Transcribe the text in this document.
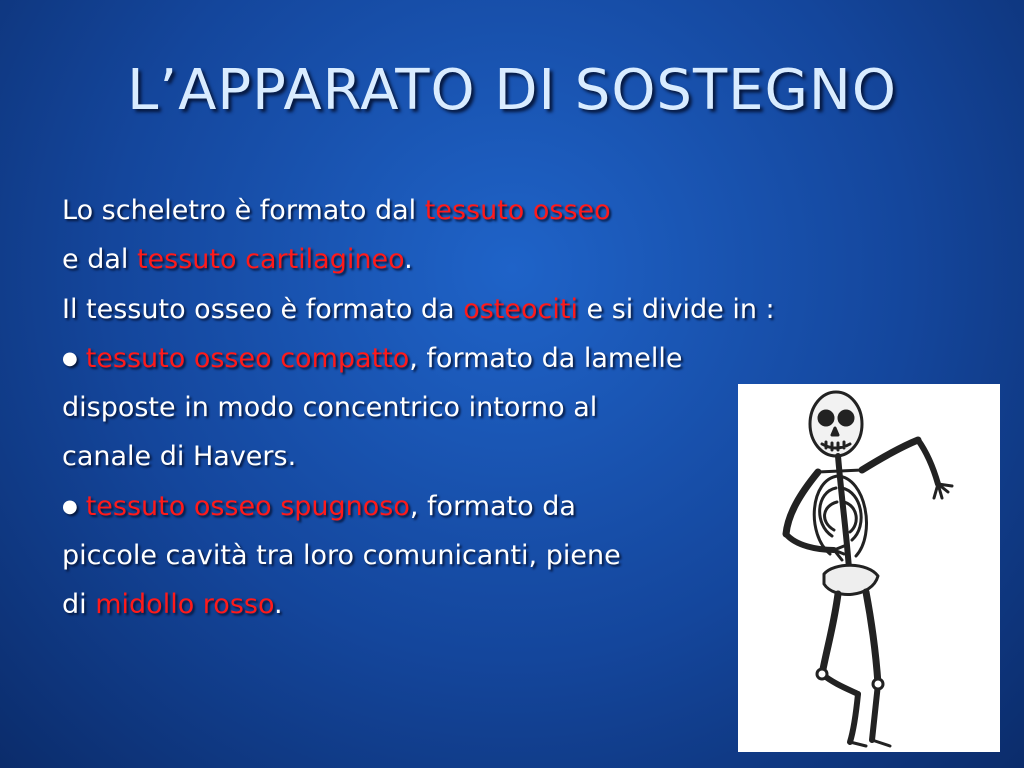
L’APPARATO DI SOSTEGNO
Lo scheletro è formato dal tessuto osseo
e dal tessuto cartilagineo.
Il tessuto osseo è formato da osteociti e si divide in :
● tessuto osseo compatto, formato da lamelle
disposte in modo concentrico intorno al
canale di Havers.
● tessuto osseo spugnoso, formato da
piccole cavità tra loro comunicanti, piene
di midollo rosso.
